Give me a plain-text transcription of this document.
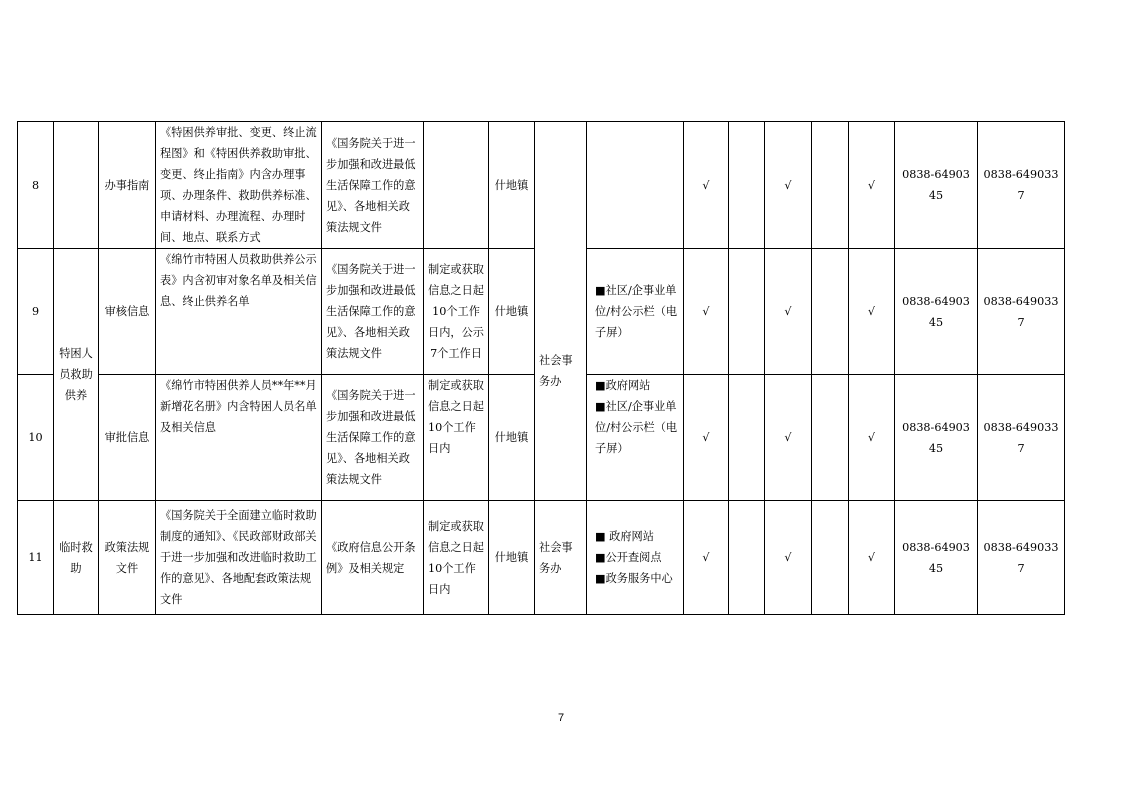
8		办事指南	《特困供养审批、变更、终止流程图》和《特困供养救助审批、变更、终止指南》内含办理事项、办理条件、救助供养标准、申请材料、办理流程、办理时间、地点、联系方式	《国务院关于进一步加强和改进最低生活保障工作的意见》、各地相关政策法规文件		什地镇	社会事务办		√		√		√	0838-6490345	0838-6490337
9	特困人员救助供养	审核信息	《绵竹市特困人员救助供养公示表》内含初审对象名单及相关信息、终止供养名单	《国务院关于进一步加强和改进最低生活保障工作的意见》、各地相关政策法规文件	制定或获取信息之日起10个工作日内，公示7个工作日	什地镇		■社区/企事业单位/村公示栏（电子屏）	√		√		√	0838-6490345	0838-6490337
10		审批信息	《绵竹市特困供养人员**年**月新增花名册》内含特困人员名单及相关信息	《国务院关于进一步加强和改进最低生活保障工作的意见》、各地相关政策法规文件	制定或获取信息之日起10个工作日内	什地镇		■政府网站
■社区/企事业单位/村公示栏（电子屏）	√		√		√	0838-6490345	0838-6490337
11	临时救助	政策法规文件	《国务院关于全面建立临时救助制度的通知》、《民政部财政部关于进一步加强和改进临时救助工作的意见》、各地配套政策法规文件	《政府信息公开条例》及相关规定	制定或获取信息之日起10个工作日内	什地镇	社会事务办	■ 政府网站
■公开查阅点
■政务服务中心	√		√		√	0838-6490345	0838-6490337
7
